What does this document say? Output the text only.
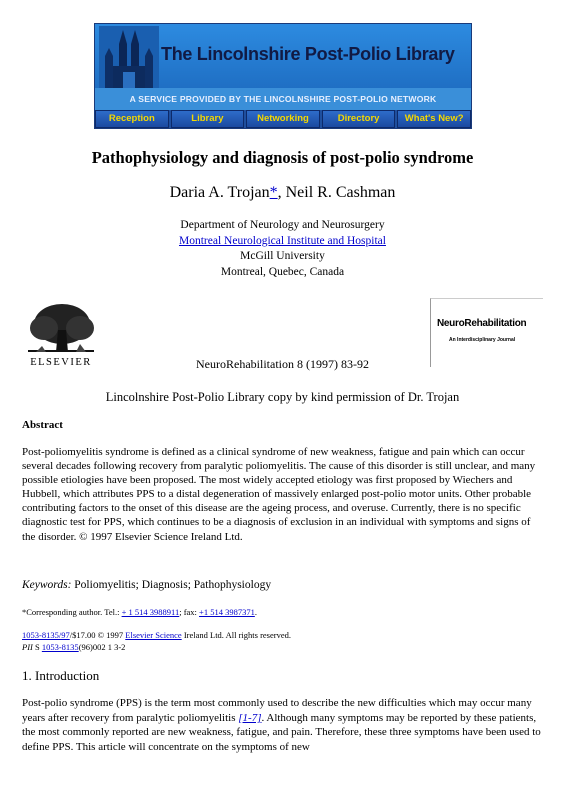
The Lincolnshire Post-Polio Library
A SERVICE PROVIDED BY THE LINCOLNSHIRE POST-POLIO NETWORK
Reception	Library	Networking	Directory	What's New?
Pathophysiology and diagnosis of post-polio syndrome
Daria A. Trojan*, Neil R. Cashman
Department of Neurology and Neurosurgery
Montreal Neurological Institute and Hospital
McGill University
Montreal, Quebec, Canada
ELSEVIER
NeuroRehabilitation
An Interdisciplinary Journal
NeuroRehabilitation 8 (1997) 83-92
Lincolnshire Post-Polio Library copy by kind permission of Dr. Trojan
Abstract
Post-poliomyelitis syndrome is defined as a clinical syndrome of new weakness, fatigue and pain which can occur several decades following recovery from paralytic poliomyelitis. The cause of this disorder is still unclear, and many possible etiologies have been proposed. The most widely accepted etiology was first proposed by Wiechers and Hubbell, which attributes PPS to a distal degeneration of massively enlarged post-polio motor units. Other probable contributing factors to the onset of this disease are the ageing process, and overuse. Currently, there is no specific diagnostic test for PPS, which continues to be a diagnosis of exclusion in an individual with symptoms and signs of the disorder. © 1997 Elsevier Science Ireland Ltd.
Keywords: Poliomyelitis; Diagnosis; Pathophysiology
*Corresponding author. Tel.: + 1 514 3988911; fax: +1 514 3987371.
1053-8135/97/$17.00 © 1997 Elsevier Science Ireland Ltd. All rights reserved.
PII S 1053-8135(96)002 1 3-2
1. Introduction
Post-polio syndrome (PPS) is the term most commonly used to describe the new difficulties which may occur many years after recovery from paralytic poliomyelitis [1-7]. Although many symptoms may be reported by these patients, the most commonly reported are new weakness, fatigue, and pain. Therefore, these three symptoms have been used to define PPS. This article will concentrate on the symptoms of new
